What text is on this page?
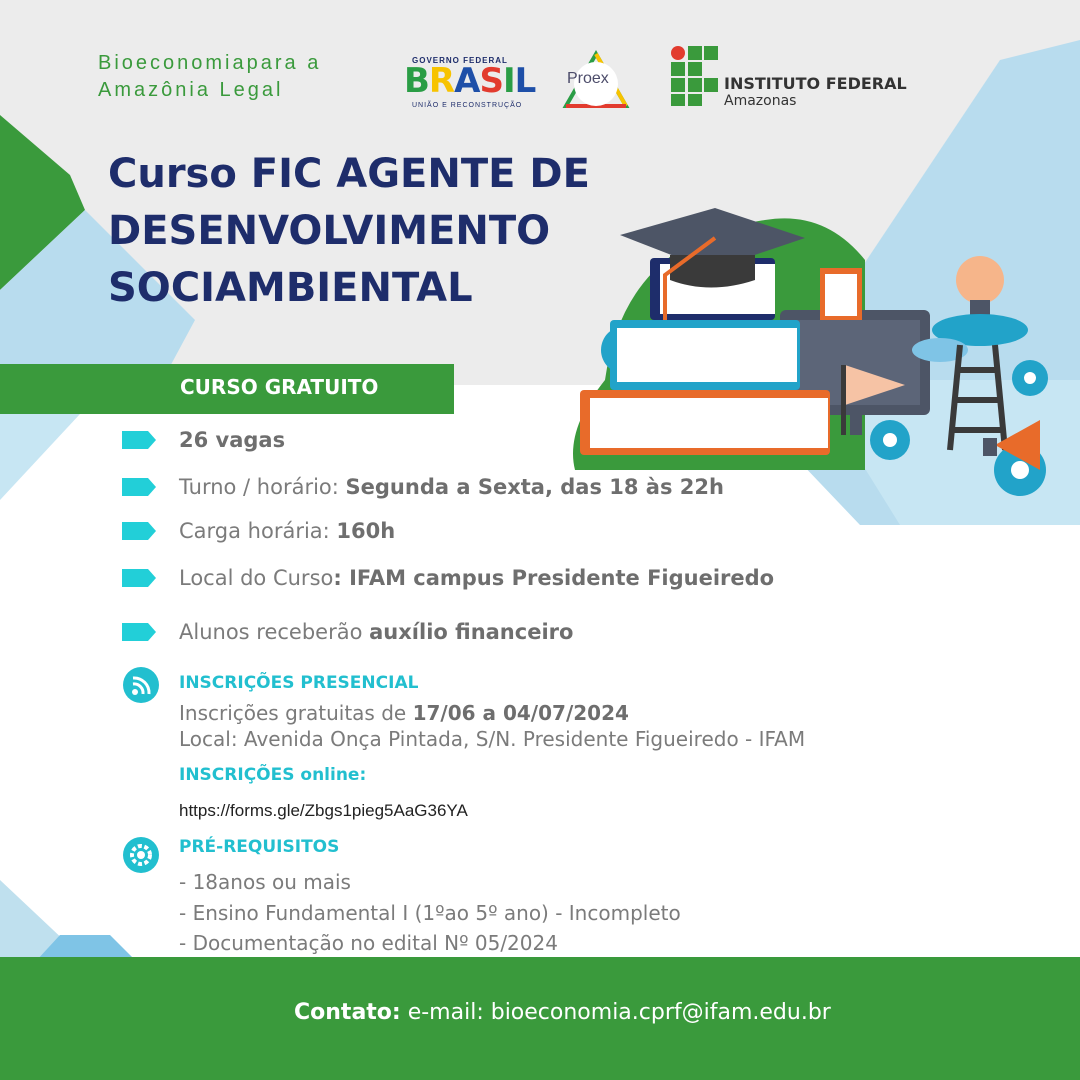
Bioeconomiapara a
Amazônia Legal
GOVERNO FEDERAL
BRASIL
UNIÃO E RECONSTRUÇÃO
Proex	INSTITUTO FEDERAL
Amazonas
Curso FIC AGENTE DE
DESENVOLVIMENTO
SOCIAMBIENTAL
CURSO GRATUITO
26 vagas
Turno / horário: Segunda a Sexta, das 18 às 22h
Carga horária: 160h
Local do Curso: IFAM campus Presidente Figueiredo
Alunos receberão auxílio financeiro
INSCRIÇÕES PRESENCIAL
Inscrições gratuitas de 17/06 a 04/07/2024
Local: Avenida Onça Pintada, S/N. Presidente Figueiredo - IFAM
INSCRIÇÕES online:
https://forms.gle/Zbgs1pieg5AaG36YA
PRÉ-REQUISITOS
- 18anos ou mais
- Ensino Fundamental I (1ºao 5º ano) - Incompleto
- Documentação no edital Nº 05/2024
Contato: e-mail: bioeconomia.cprf@ifam.edu.br
